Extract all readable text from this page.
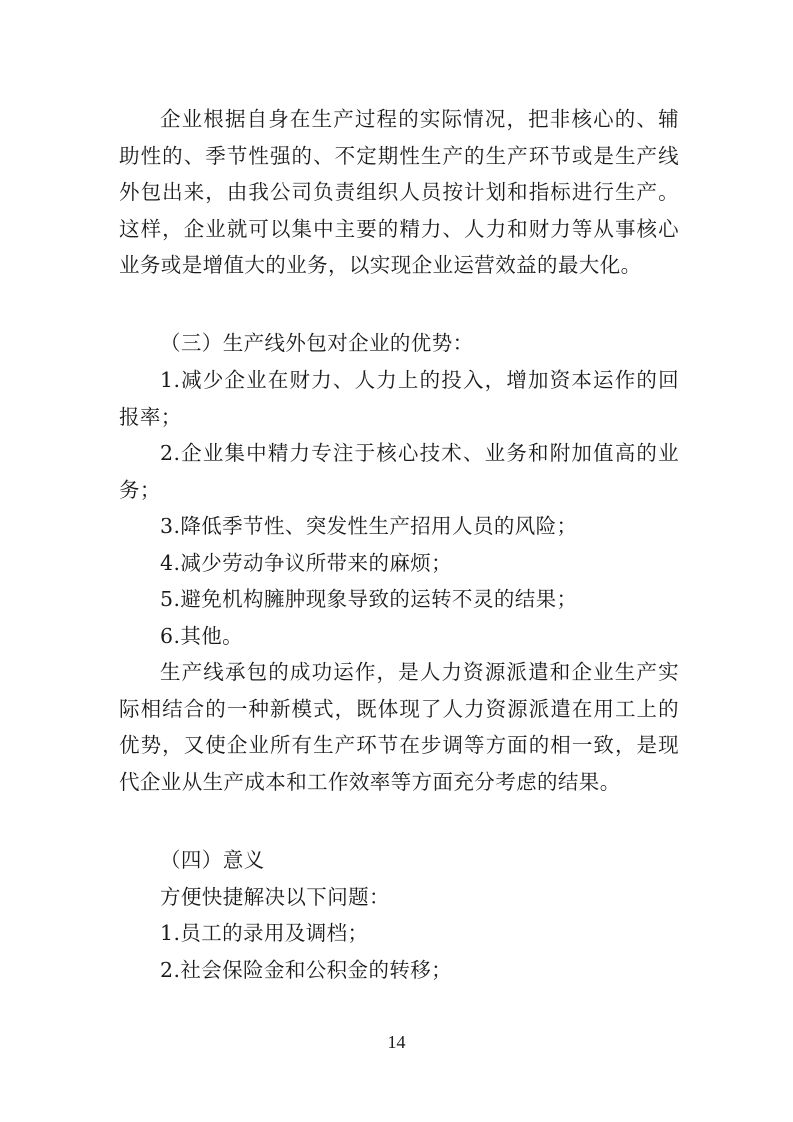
企业根据自身在生产过程的实际情况，把非核心的、辅助性的、季节性强的、不定期性生产的生产环节或是生产线外包出来，由我公司负责组织人员按计划和指标进行生产。这样，企业就可以集中主要的精力、人力和财力等从事核心业务或是增值大的业务，以实现企业运营效益的最大化。

（三）生产线外包对企业的优势：

1.减少企业在财力、人力上的投入，增加资本运作的回报率；

2.企业集中精力专注于核心技术、业务和附加值高的业务；

3.降低季节性、突发性生产招用人员的风险；

4.减少劳动争议所带来的麻烦；

5.避免机构臃肿现象导致的运转不灵的结果；

6.其他。

生产线承包的成功运作，是人力资源派遣和企业生产实际相结合的一种新模式，既体现了人力资源派遣在用工上的优势，又使企业所有生产环节在步调等方面的相一致，是现代企业从生产成本和工作效率等方面充分考虑的结果。

（四）意义

方便快捷解决以下问题：

1.员工的录用及调档；

2.社会保险金和公积金的转移；

14
